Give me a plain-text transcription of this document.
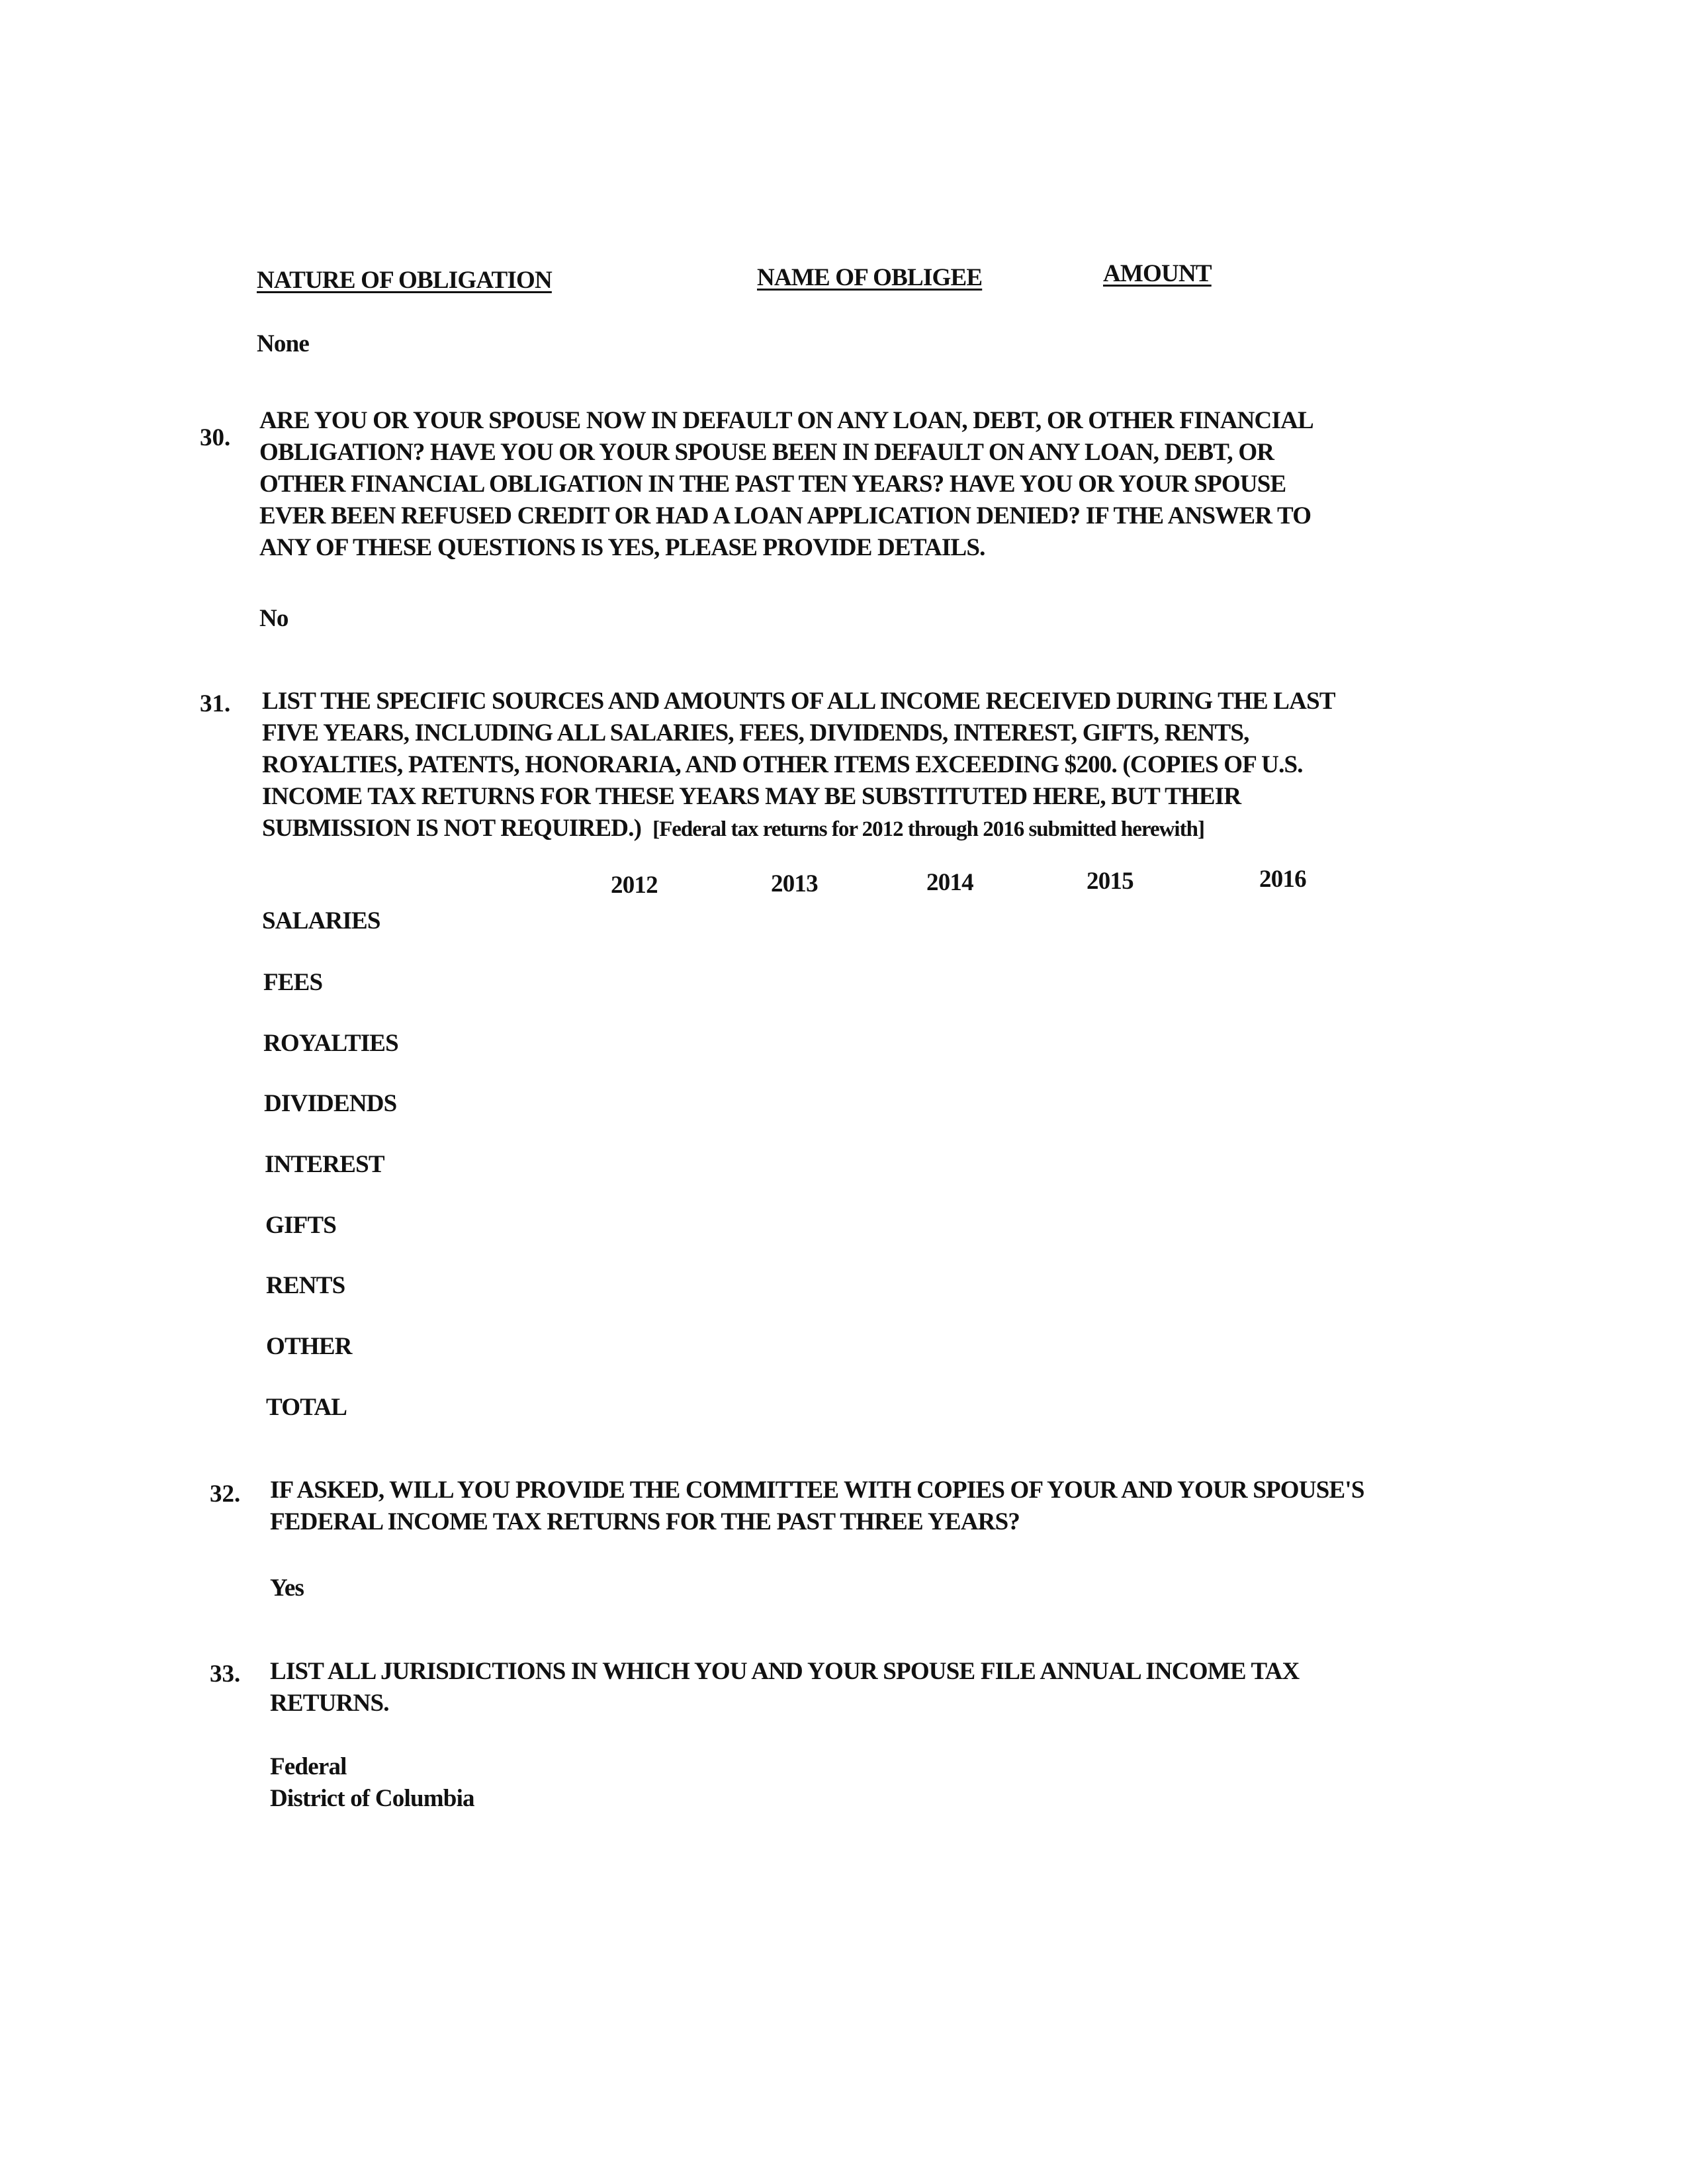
NATURE OF OBLIGATION	NAME OF OBLIGEE	AMOUNT
None
30.
ARE YOU OR YOUR SPOUSE NOW IN DEFAULT ON ANY LOAN, DEBT, OR OTHER FINANCIAL
OBLIGATION? HAVE YOU OR YOUR SPOUSE BEEN IN DEFAULT ON ANY LOAN, DEBT, OR
OTHER FINANCIAL OBLIGATION IN THE PAST TEN YEARS? HAVE YOU OR YOUR SPOUSE
EVER BEEN REFUSED CREDIT OR HAD A LOAN APPLICATION DENIED? IF THE ANSWER TO
ANY OF THESE QUESTIONS IS YES, PLEASE PROVIDE DETAILS.
No
31. LIST THE SPECIFIC SOURCES AND AMOUNTS OF ALL INCOME RECEIVED DURING THE LAST
FIVE YEARS, INCLUDING ALL SALARIES, FEES, DIVIDENDS, INTEREST, GIFTS, RENTS,
ROYALTIES, PATENTS, HONORARIA, AND OTHER ITEMS EXCEEDING $200. (COPIES OF U.S.
INCOME TAX RETURNS FOR THESE YEARS MAY BE SUBSTITUTED HERE, BUT THEIR
SUBMISSION IS NOT REQUIRED.) [Federal tax returns for 2012 through 2016 submitted herewith]
2012	2013	2014	2015	2016
SALARIES
FEES
ROYALTIES
DIVIDENDS
INTEREST
GIFTS
RENTS
OTHER
TOTAL
32. IF ASKED, WILL YOU PROVIDE THE COMMITTEE WITH COPIES OF YOUR AND YOUR SPOUSE'S
FEDERAL INCOME TAX RETURNS FOR THE PAST THREE YEARS?
Yes
33. LIST ALL JURISDICTIONS IN WHICH YOU AND YOUR SPOUSE FILE ANNUAL INCOME TAX
RETURNS.
Federal
District of Columbia
